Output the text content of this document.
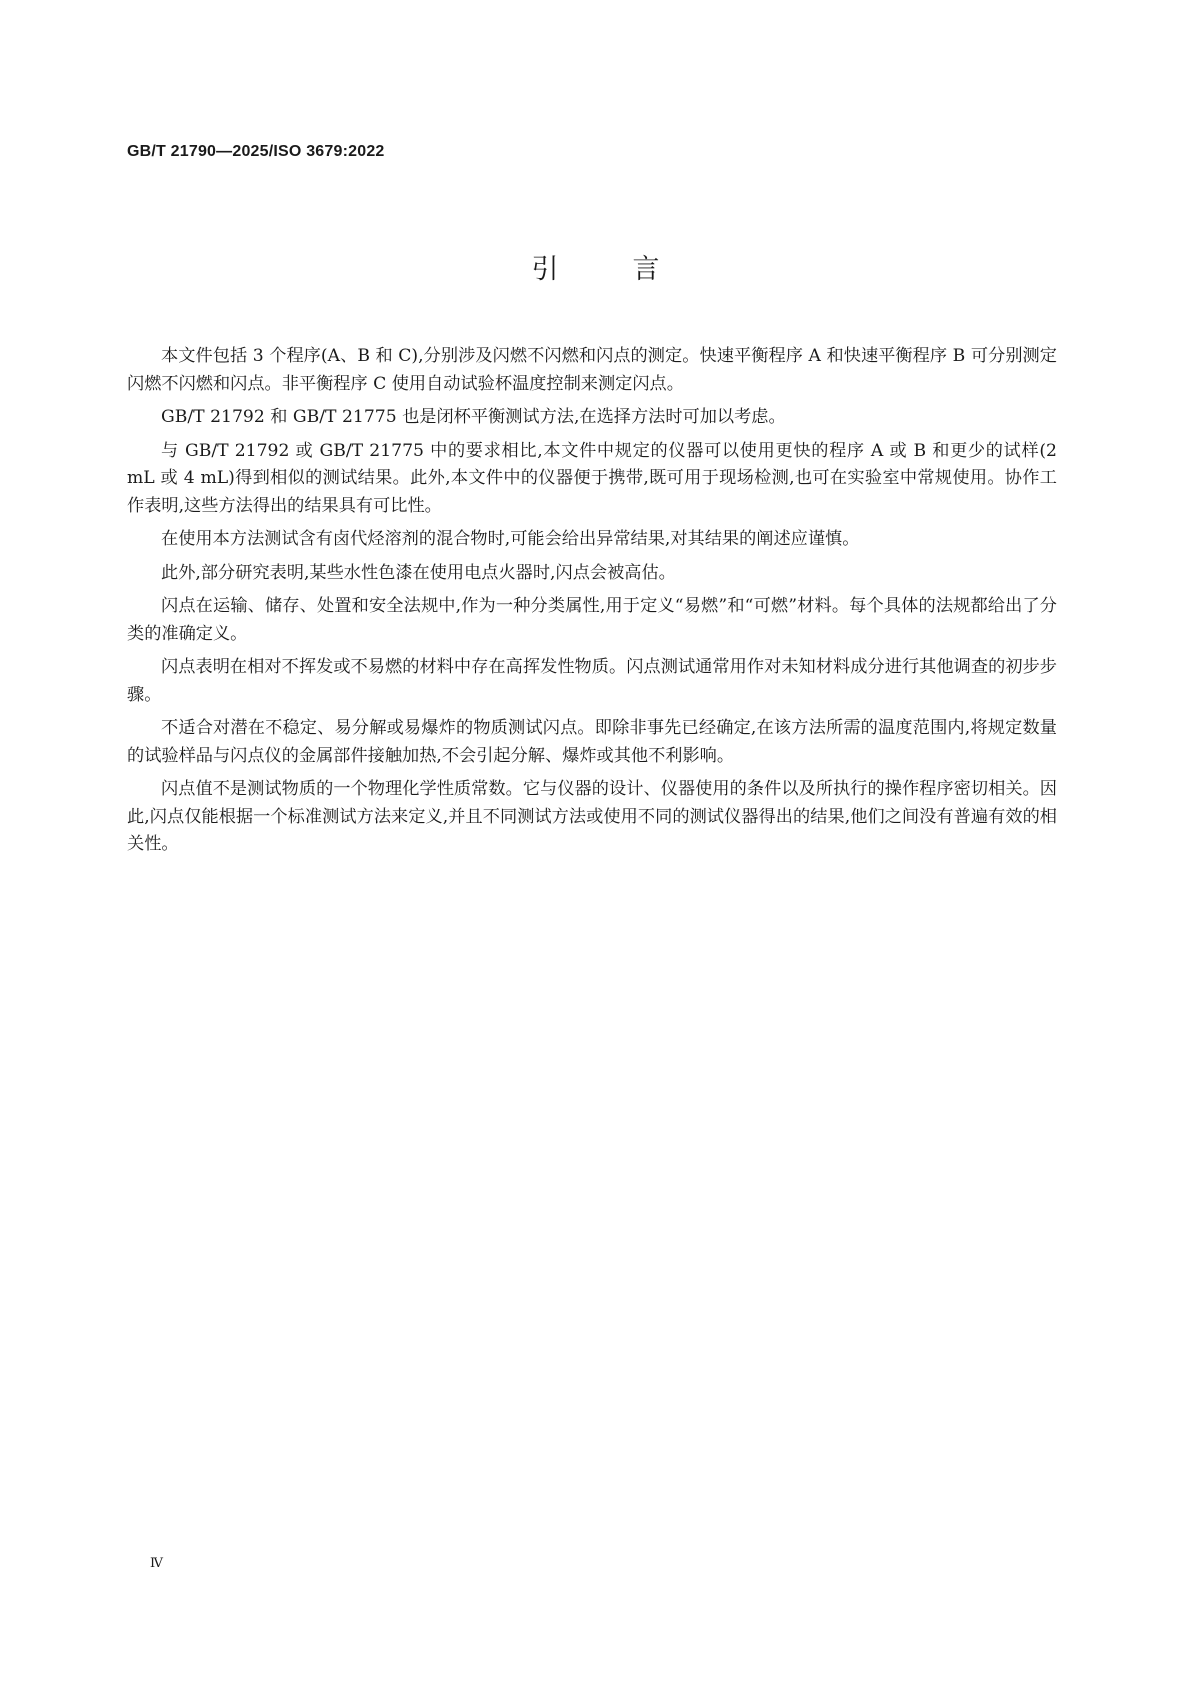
GB/T 21790—2025/ISO 3679:2022
引	言

本文件包括 3 个程序(A、B 和 C),分别涉及闪燃不闪燃和闪点的测定。快速平衡程序 A 和快速平衡程序 B 可分别测定闪燃不闪燃和闪点。非平衡程序 C 使用自动试验杯温度控制来测定闪点。

GB/T 21792 和 GB/T 21775 也是闭杯平衡测试方法,在选择方法时可加以考虑。

与 GB/T 21792 或 GB/T 21775 中的要求相比,本文件中规定的仪器可以使用更快的程序 A 或 B 和更少的试样(2 mL 或 4 mL)得到相似的测试结果。此外,本文件中的仪器便于携带,既可用于现场检测,也可在实验室中常规使用。协作工作表明,这些方法得出的结果具有可比性。

在使用本方法测试含有卤代烃溶剂的混合物时,可能会给出异常结果,对其结果的阐述应谨慎。

此外,部分研究表明,某些水性色漆在使用电点火器时,闪点会被高估。

闪点在运输、储存、处置和安全法规中,作为一种分类属性,用于定义“易燃”和“可燃”材料。每个具体的法规都给出了分类的准确定义。

闪点表明在相对不挥发或不易燃的材料中存在高挥发性物质。闪点测试通常用作对未知材料成分进行其他调查的初步步骤。

不适合对潜在不稳定、易分解或易爆炸的物质测试闪点。即除非事先已经确定,在该方法所需的温度范围内,将规定数量的试验样品与闪点仪的金属部件接触加热,不会引起分解、爆炸或其他不利影响。

闪点值不是测试物质的一个物理化学性质常数。它与仪器的设计、仪器使用的条件以及所执行的操作程序密切相关。因此,闪点仅能根据一个标准测试方法来定义,并且不同测试方法或使用不同的测试仪器得出的结果,他们之间没有普遍有效的相关性。

Ⅳ
